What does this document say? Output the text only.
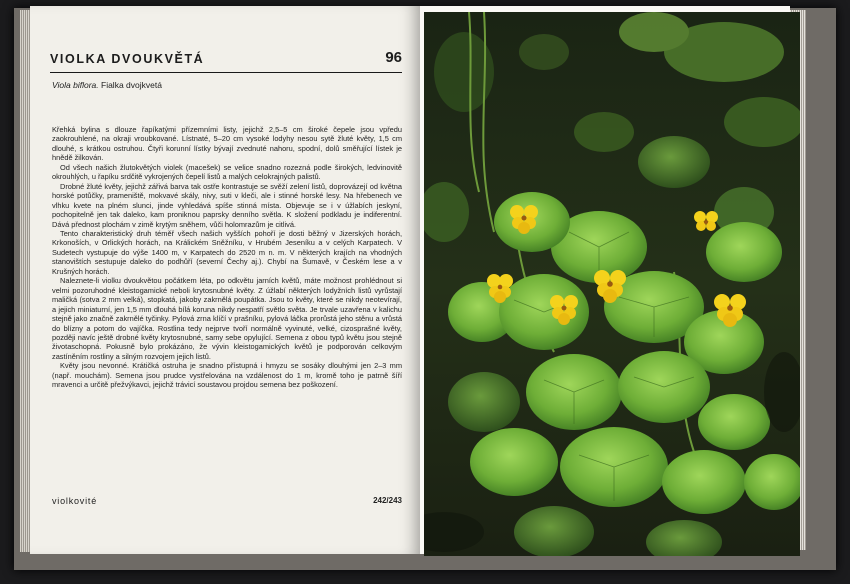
VIOLKA DVOUKVĚTÁ	96
Viola biflora. Fialka dvojkvetá

Křehká bylina s dlouze řapíkatými přízemními listy, jejichž 2,5–5 cm široké čepele jsou vpředu zaokrouhlené, na okraji vroubkované. Lístnaté, 5–20 cm vysoké lodyhy nesou sytě žluté květy, 1,5 cm dlouhé, s krátkou ostruhou. Čtyři korunní lístky bývají zvednuté nahoru, spodní, dolů směřující lístek je hnědě žilkován.

Od všech našich žlutokvětých violek (macešek) se velice snadno rozezná podle širokých, ledvinovitě okrouhlých, u řapíku srdčitě vykrojených čepelí listů a malých celokrajných palistů.

Drobné žluté květy, jejichž zářivá barva tak ostře kontrastuje se svěží zelení listů, doprovázejí od května horské potůčky, prameniště, mokvavé skály, nivy, suti v kleči, ale i stinné horské lesy. Na hřebenech ve vlhku kvete na plném slunci, jinde vyhledává spíše stinná místa. Objevuje se i v úžlabích jeskyní, pochopitelně jen tak daleko, kam proniknou paprsky denního světla. K složení podkladu je indiferentní. Dává přednost plochám v zimě krytým sněhem, vůči holomrazům je citlivá.

Tento charakteristický druh téměř všech našich vyšších pohoří je dosti běžný v Jizerských horách, Krkonoších, v Orlických horách, na Králickém Sněžníku, v Hrubém Jeseníku a v celých Karpatech. V Sudetech vystupuje do výše 1400 m, v Karpatech do 2520 m n. m. V některých krajích na vhodných stanovištích sestupuje daleko do podhůří (severní Čechy aj.). Chybí na Šumavě, v Českém lese a v Krušných horách.

Naleznete-li violku dvoukvětou počátkem léta, po odkvětu jarních květů, máte možnost prohlédnout si velmi pozoruhodné kleistogamické neboli krytosnubné květy. Z úžlabí některých lodyžních listů vyrůstají maličká (sotva 2 mm velká), stopkatá, jakoby zakrnělá poupátka. Jsou to květy, které se nikdy neotevírají, a jejich miniaturní, jen 1,5 mm dlouhá bílá koruna nikdy nespatří světlo světa. Je trvale uzavřena v kalichu stejně jako značně zakrnělé tyčinky. Pylová zrna klíčí v prašníku, pylová láčka prorůstá jeho stěnu a vrůstá do blízny a potom do vajíčka. Rostlina tedy nejprve tvoří normálně vyvinuté, velké, cizosprašné květy, později navíc ještě drobné květy krytosnubné, samy sebe opylující. Semena z obou typů květu jsou stejně životaschopná. Pokusně bylo prokázáno, že vývin kleistogamických květů je podporován celkovým zastíněním rostliny a silným rozvojem jejich listů.

Květy jsou nevonné. Krátičká ostruha je snadno přístupná i hmyzu se sosáky dlouhými jen 2–3 mm (např. mouchám). Semena jsou prudce vystřelována na vzdálenost do 1 m, kromě toho je patrně šíří mravenci a určitě přežvýkavci, jejichž trávicí soustavou projdou semena bez poškození.

violkovité	242/243
